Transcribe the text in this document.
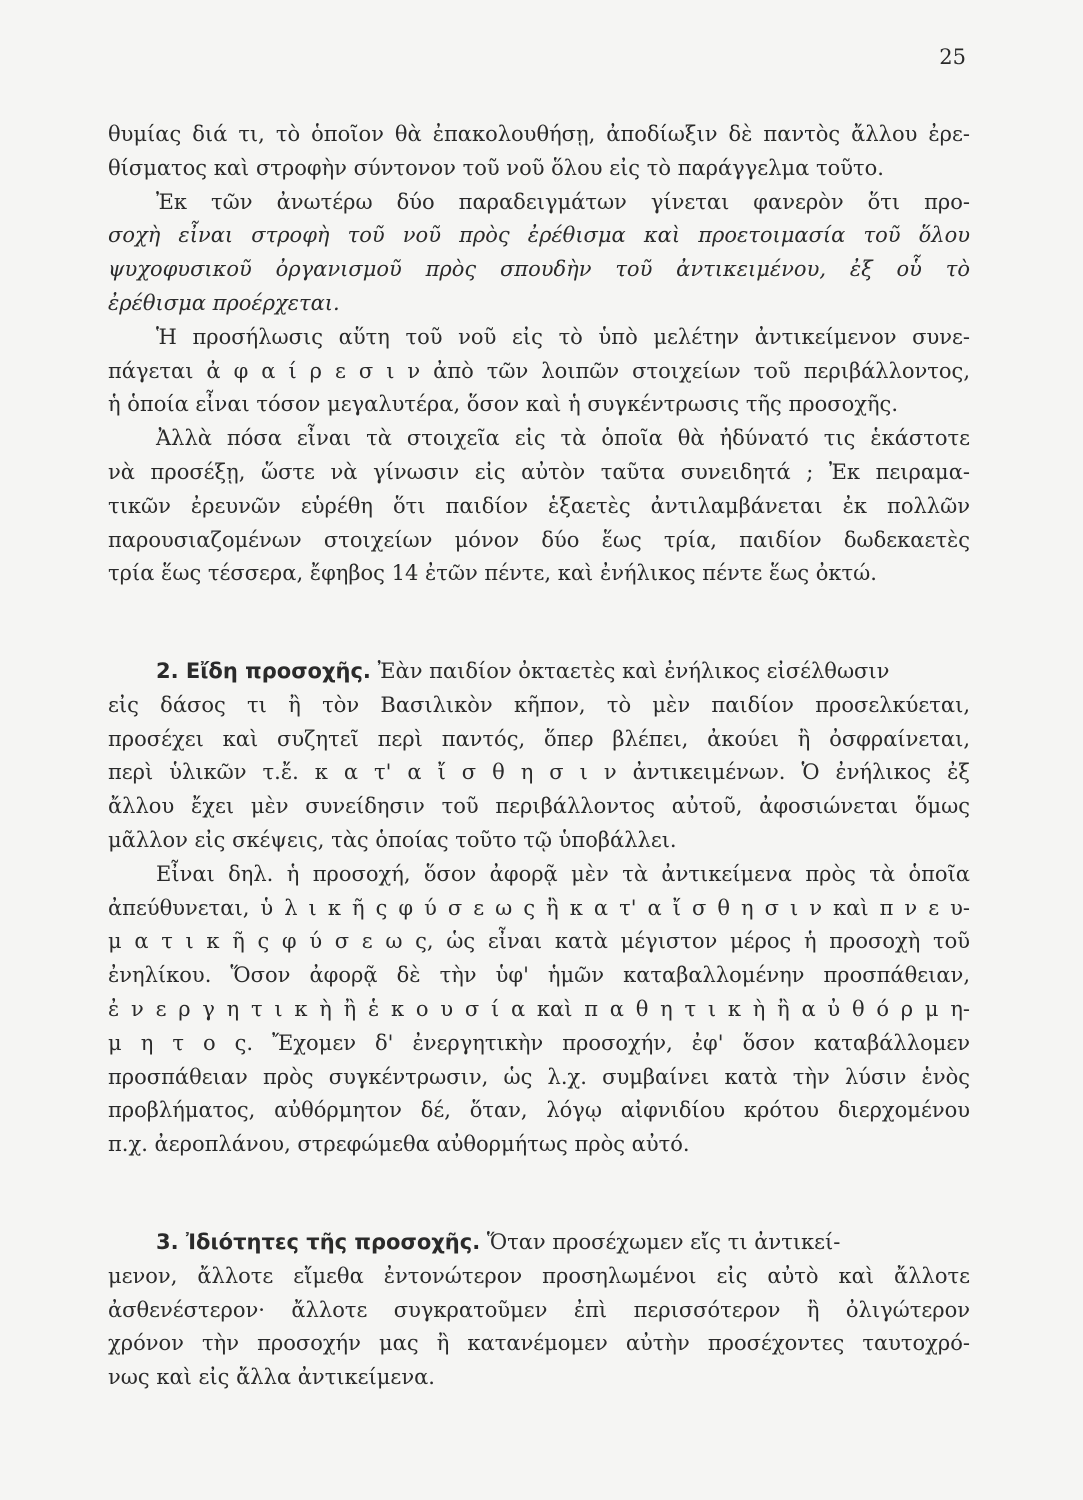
25
θυμίας διά τι, τὸ ὁποῖον θὰ ἐπακολουθήσῃ, ἀποδίωξιν δὲ παντὸς ἄλλου ἐρε-
θίσματος καὶ στροφὴν σύντονον τοῦ νοῦ ὅλου εἰς τὸ παράγγελμα τοῦτο.
Ἐκ τῶν ἀνωτέρω δύο παραδειγμάτων γίνεται φανερὸν ὅτι προ-
σοχὴ εἶναι στροφὴ τοῦ νοῦ πρὸς ἐρέθισμα καὶ προετοιμασία τοῦ ὅλου
ψυχοφυσικοῦ ὀργανισμοῦ πρὸς σπουδὴν τοῦ ἀντικειμένου, ἐξ οὗ τὸ
ἐρέθισμα προέρχεται.
Ἡ προσήλωσις αὕτη τοῦ νοῦ εἰς τὸ ὑπὸ μελέτην ἀντικείμενον συνε-
πάγεται ἀ φ α ί ρ ε σ ι ν ἀπὸ τῶν λοιπῶν στοιχείων τοῦ περιβάλλοντος,
ἡ ὁποία εἶναι τόσον μεγαλυτέρα, ὅσον καὶ ἡ συγκέντρωσις τῆς προσοχῆς.
Ἀλλὰ πόσα εἶναι τὰ στοιχεῖα εἰς τὰ ὁποῖα θὰ ἠδύνατό τις ἑκάστοτε
νὰ προσέξῃ, ὥστε νὰ γίνωσιν εἰς αὐτὸν ταῦτα συνειδητά ; Ἐκ πειραμα-
τικῶν ἐρευνῶν εὑρέθη ὅτι παιδίον ἑξαετὲς ἀντιλαμβάνεται ἐκ πολλῶν
παρουσιαζομένων στοιχείων μόνον δύο ἕως τρία, παιδίον δωδεκαετὲς
τρία ἕως τέσσερα, ἔφηβος 14 ἐτῶν πέντε, καὶ ἐνήλικος πέντε ἕως ὀκτώ.
2. Εἴδη προσοχῆς. Ἐὰν παιδίον ὀκταετὲς καὶ ἐνήλικος εἰσέλθωσιν
εἰς δάσος τι ἢ τὸν Βασιλικὸν κῆπον, τὸ μὲν παιδίον προσελκύεται,
προσέχει καὶ συζητεῖ περὶ παντός, ὅπερ βλέπει, ἀκούει ἢ ὀσφραίνεται,
περὶ ὑλικῶν τ.ἔ. κ α τ' α ἴ σ θ η σ ι ν ἀντικειμένων. Ὁ ἐνήλικος ἐξ
ἄλλου ἔχει μὲν συνείδησιν τοῦ περιβάλλοντος αὐτοῦ, ἀφοσιώνεται ὅμως
μᾶλλον εἰς σκέψεις, τὰς ὁποίας τοῦτο τῷ ὑποβάλλει.
Εἶναι δηλ. ἡ προσοχή, ὅσον ἀφορᾷ μὲν τὰ ἀντικείμενα πρὸς τὰ ὁποῖα
ἀπεύθυνεται, ὑ λ ι κ ῆ ς φ ύ σ ε ω ς ἢ κ α τ' α ἴ σ θ η σ ι ν καὶ π ν ε υ-
μ α τ ι κ ῆ ς φ ύ σ ε ω ς, ὡς εἶναι κατὰ μέγιστον μέρος ἡ προσοχὴ τοῦ
ἐνηλίκου. Ὅσον ἀφορᾷ δὲ τὴν ὑφ' ἡμῶν καταβαλλομένην προσπάθειαν,
ἐ ν ε ρ γ η τ ι κ ὴ ἢ ἑ κ ο υ σ ί α καὶ π α θ η τ ι κ ὴ ἢ α ὐ θ ό ρ μ η-
μ η τ ο ς. Ἔχομεν δ' ἐνεργητικὴν προσοχήν, ἐφ' ὅσον καταβάλλομεν
προσπάθειαν πρὸς συγκέντρωσιν, ὡς λ.χ. συμβαίνει κατὰ τὴν λύσιν ἑνὸς
προβλήματος, αὐθόρμητον δέ, ὅταν, λόγῳ αἰφνιδίου κρότου διερχομένου
π.χ. ἀεροπλάνου, στρεφώμεθα αὐθορμήτως πρὸς αὐτό.
3. Ἰδιότητες τῆς προσοχῆς. Ὅταν προσέχωμεν εἴς τι ἀντικεί-
μενον, ἄλλοτε εἴμεθα ἐντονώτερον προσηλωμένοι εἰς αὐτὸ καὶ ἄλλοτε
ἀσθενέστερον· ἄλλοτε συγκρατοῦμεν ἐπὶ περισσότερον ἢ ὀλιγώτερον
χρόνον τὴν προσοχήν μας ἢ κατανέμομεν αὐτὴν προσέχοντες ταυτοχρό-
νως καὶ εἰς ἄλλα ἀντικείμενα.
